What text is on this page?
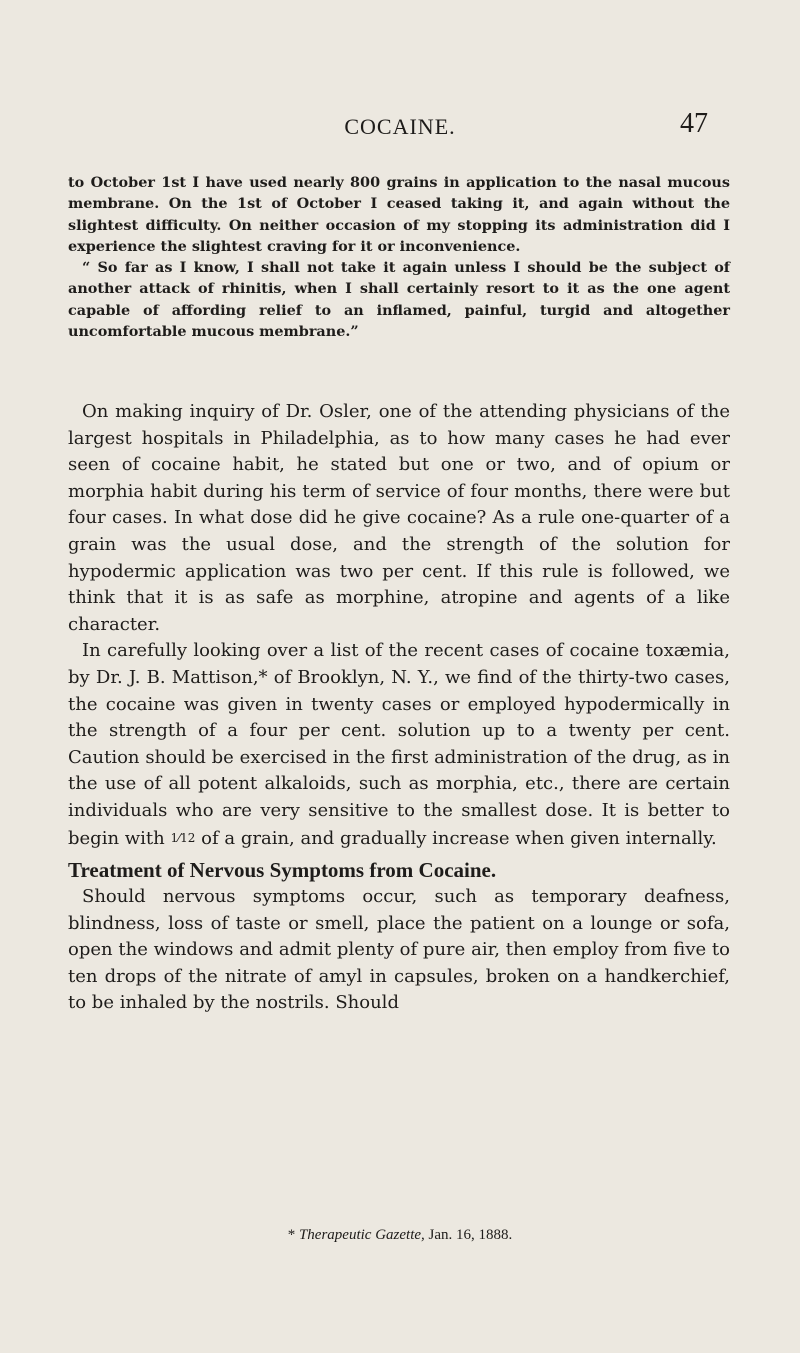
COCAINE.	47

to October 1st I have used nearly 800 grains in application to the nasal mucous membrane. On the 1st of October I ceased taking it, and again without the slightest difficulty. On neither occasion of my stopping its administration did I experience the slightest craving for it or inconvenience.

“ So far as I know, I shall not take it again unless I should be the subject of another attack of rhinitis, when I shall certainly resort to it as the one agent capable of affording relief to an inflamed, painful, turgid and altogether uncomfortable mucous membrane.”

On making inquiry of Dr. Osler, one of the attending physicians of the largest hospitals in Philadelphia, as to how many cases he had ever seen of cocaine habit, he stated but one or two, and of opium or morphia habit during his term of service of four months, there were but four cases. In what dose did he give cocaine? As a rule one-quarter of a grain was the usual dose, and the strength of the solution for hypodermic application was two per cent. If this rule is followed, we think that it is as safe as morphine, atropine and agents of a like character.

In carefully looking over a list of the recent cases of cocaine toxæmia, by Dr. J. B. Mattison,* of Brooklyn, N. Y., we find of the thirty-two cases, the cocaine was given in twenty cases or employed hypodermically in the strength of a four per cent. solution up to a twenty per cent. Caution should be exercised in the first administration of the drug, as in the use of all potent alkaloids, such as morphia, etc., there are certain individuals who are very sensitive to the smallest dose. It is better to begin with 1⁄12 of a grain, and gradually increase when given internally.

Treatment of Nervous Symptoms from Cocaine.

Should nervous symptoms occur, such as temporary deafness, blindness, loss of taste or smell, place the patient on a lounge or sofa, open the windows and admit plenty of pure air, then employ from five to ten drops of the nitrate of amyl in capsules, broken on a handkerchief, to be inhaled by the nostrils. Should

* Therapeutic Gazette, Jan. 16, 1888.
